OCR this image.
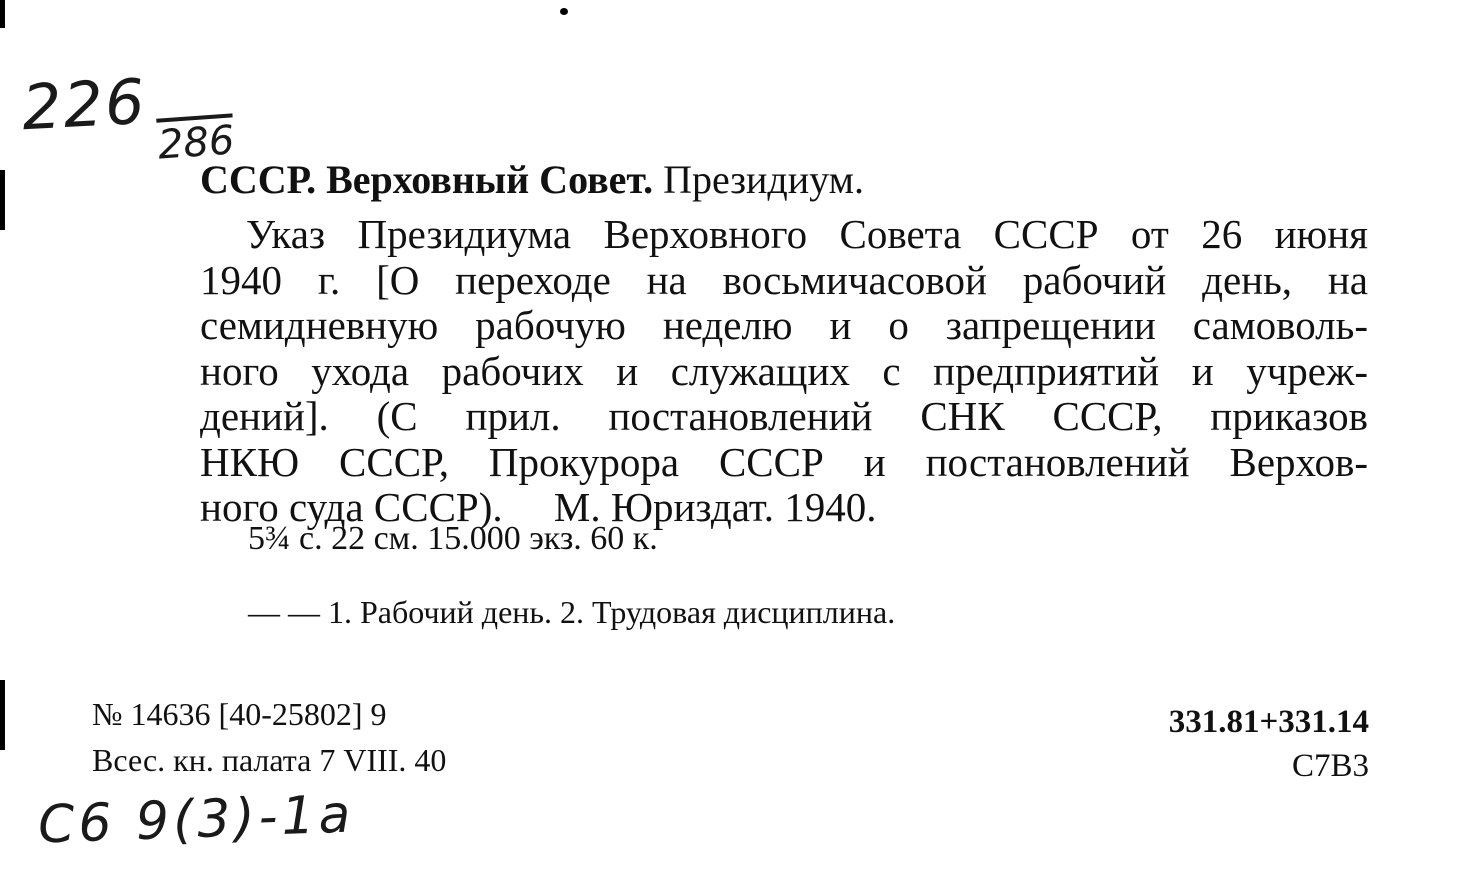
226 286
СССР. Верховный Совет. Президиум.
Указ Президиума Верховного Совета СССР от 26 июня
1940 г. [О переходе на восьмичасовой рабочий день, на
семидневную рабочую неделю и о запрещении самоволь-
ного ухода рабочих и служащих с предприятий и учреж-
дений]. (С прил. постановлений СНК СССР, приказов
НКЮ СССР, Прокурора СССР и постановлений Верхов-
ного суда СССР).     М. Юриздат. 1940.
5¾ с. 22 см. 15.000 экз. 60 к.
— — 1. Рабочий день. 2. Трудовая дисциплина.
№ 14636 [40-25802] 9
Всес. кн. палата 7 VIII. 40
331.81+331.14
С7В3
C6 9(3)-1a
